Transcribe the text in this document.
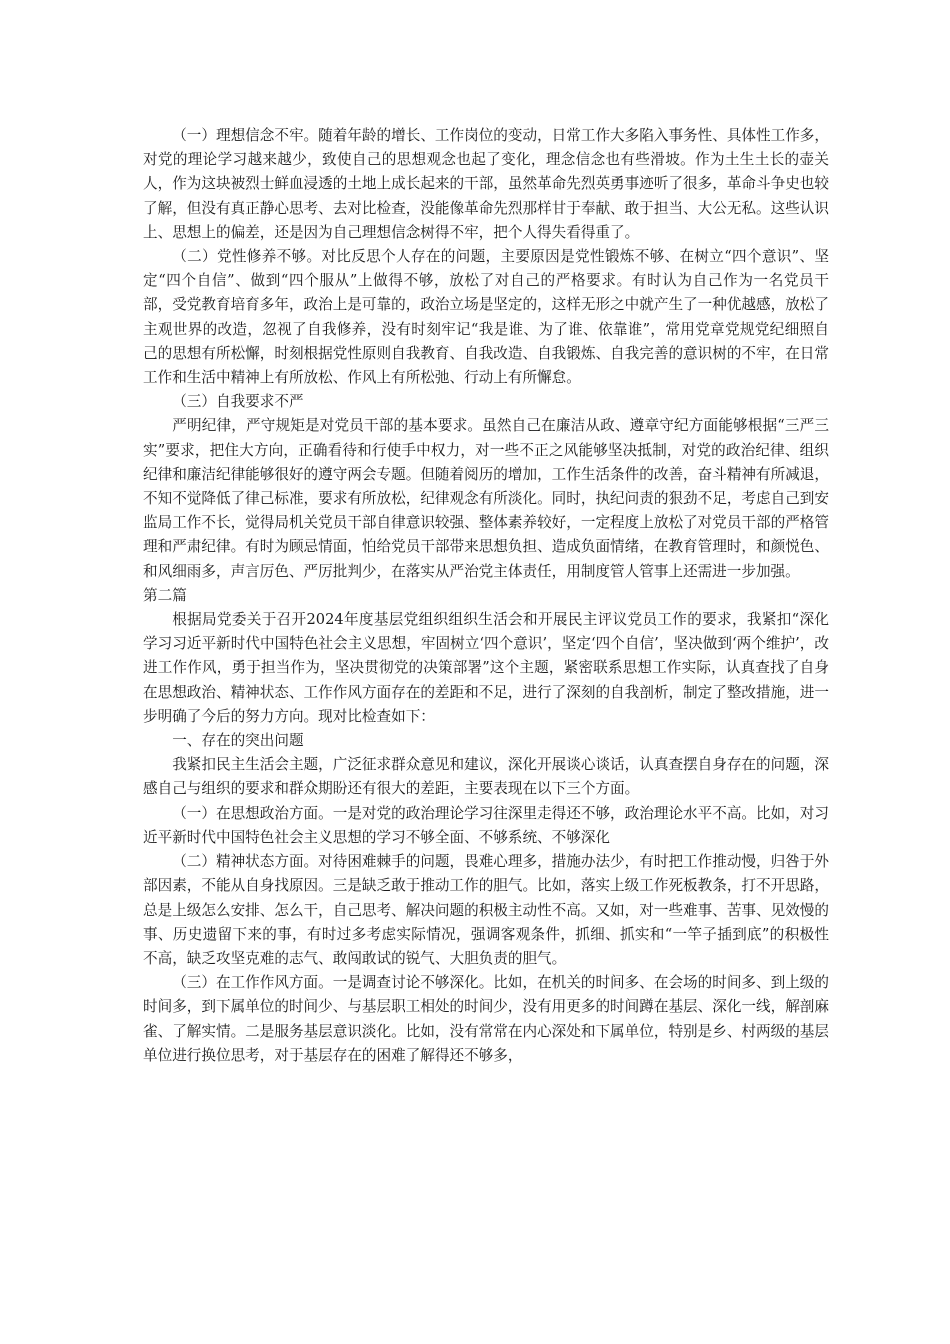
（一）理想信念不牢。随着年龄的增长、工作岗位的变动，日常工作大多陷入事务性、具体性工作多，对党的理论学习越来越少，致使自己的思想观念也起了变化，理念信念也有些滑坡。作为土生土长的壶关人，作为这块被烈士鲜血浸透的土地上成长起来的干部，虽然革命先烈英勇事迹听了很多，革命斗争史也较了解，但没有真正静心思考、去对比检查，没能像革命先烈那样甘于奉献、敢于担当、大公无私。这些认识上、思想上的偏差，还是因为自己理想信念树得不牢，把个人得失看得重了。

（二）党性修养不够。对比反思个人存在的问题，主要原因是党性锻炼不够、在树立“四个意识”、坚定“四个自信”、做到“四个服从”上做得不够，放松了对自己的严格要求。有时认为自己作为一名党员干部，受党教育培育多年，政治上是可靠的，政治立场是坚定的，这样无形之中就产生了一种优越感，放松了主观世界的改造，忽视了自我修养，没有时刻牢记“我是谁、为了谁、依靠谁”，常用党章党规党纪细照自己的思想有所松懈，时刻根据党性原则自我教育、自我改造、自我锻炼、自我完善的意识树的不牢，在日常工作和生活中精神上有所放松、作风上有所松弛、行动上有所懈怠。

（三）自我要求不严

严明纪律，严守规矩是对党员干部的基本要求。虽然自己在廉洁从政、遵章守纪方面能够根据“三严三实”要求，把住大方向，正确看待和行使手中权力，对一些不正之风能够坚决抵制，对党的政治纪律、组织纪律和廉洁纪律能够很好的遵守两会专题。但随着阅历的增加，工作生活条件的改善，奋斗精神有所减退，不知不觉降低了律己标准，要求有所放松，纪律观念有所淡化。同时，执纪问责的狠劲不足，考虑自己到安监局工作不长，觉得局机关党员干部自律意识较强、整体素养较好，一定程度上放松了对党员干部的严格管理和严肃纪律。有时为顾忌情面，怕给党员干部带来思想负担、造成负面情绪，在教育管理时，和颜悦色、和风细雨多，声言厉色、严厉批判少，在落实从严治党主体责任，用制度管人管事上还需进一步加强。

第二篇

根据局党委关于召开2024年度基层党组织组织生活会和开展民主评议党员工作的要求，我紧扣“深化学习习近平新时代中国特色社会主义思想，牢固树立‘四个意识’，坚定‘四个自信’，坚决做到‘两个维护’，改进工作作风，勇于担当作为，坚决贯彻党的决策部署”这个主题，紧密联系思想工作实际，认真查找了自身在思想政治、精神状态、工作作风方面存在的差距和不足，进行了深刻的自我剖析，制定了整改措施，进一步明确了今后的努力方向。现对比检查如下：

一、存在的突出问题

我紧扣民主生活会主题，广泛征求群众意见和建议，深化开展谈心谈话，认真查摆自身存在的问题，深感自己与组织的要求和群众期盼还有很大的差距，主要表现在以下三个方面。

（一）在思想政治方面。一是对党的政治理论学习往深里走得还不够，政治理论水平不高。比如，对习近平新时代中国特色社会主义思想的学习不够全面、不够系统、不够深化

（二）精神状态方面。对待困难棘手的问题，畏难心理多，措施办法少，有时把工作推动慢，归咎于外部因素，不能从自身找原因。三是缺乏敢于推动工作的胆气。比如，落实上级工作死板教条，打不开思路，总是上级怎么安排、怎么干，自己思考、解决问题的积极主动性不高。又如，对一些难事、苦事、见效慢的事、历史遗留下来的事，有时过多考虑实际情况，强调客观条件，抓细、抓实和“一竿子插到底”的积极性不高，缺乏攻坚克难的志气、敢闯敢试的锐气、大胆负责的胆气。

（三）在工作作风方面。一是调查讨论不够深化。比如，在机关的时间多、在会场的时间多、到上级的时间多，到下属单位的时间少、与基层职工相处的时间少，没有用更多的时间蹲在基层、深化一线，解剖麻雀、了解实情。二是服务基层意识淡化。比如，没有常常在内心深处和下属单位，特别是乡、村两级的基层单位进行换位思考，对于基层存在的困难了解得还不够多，
